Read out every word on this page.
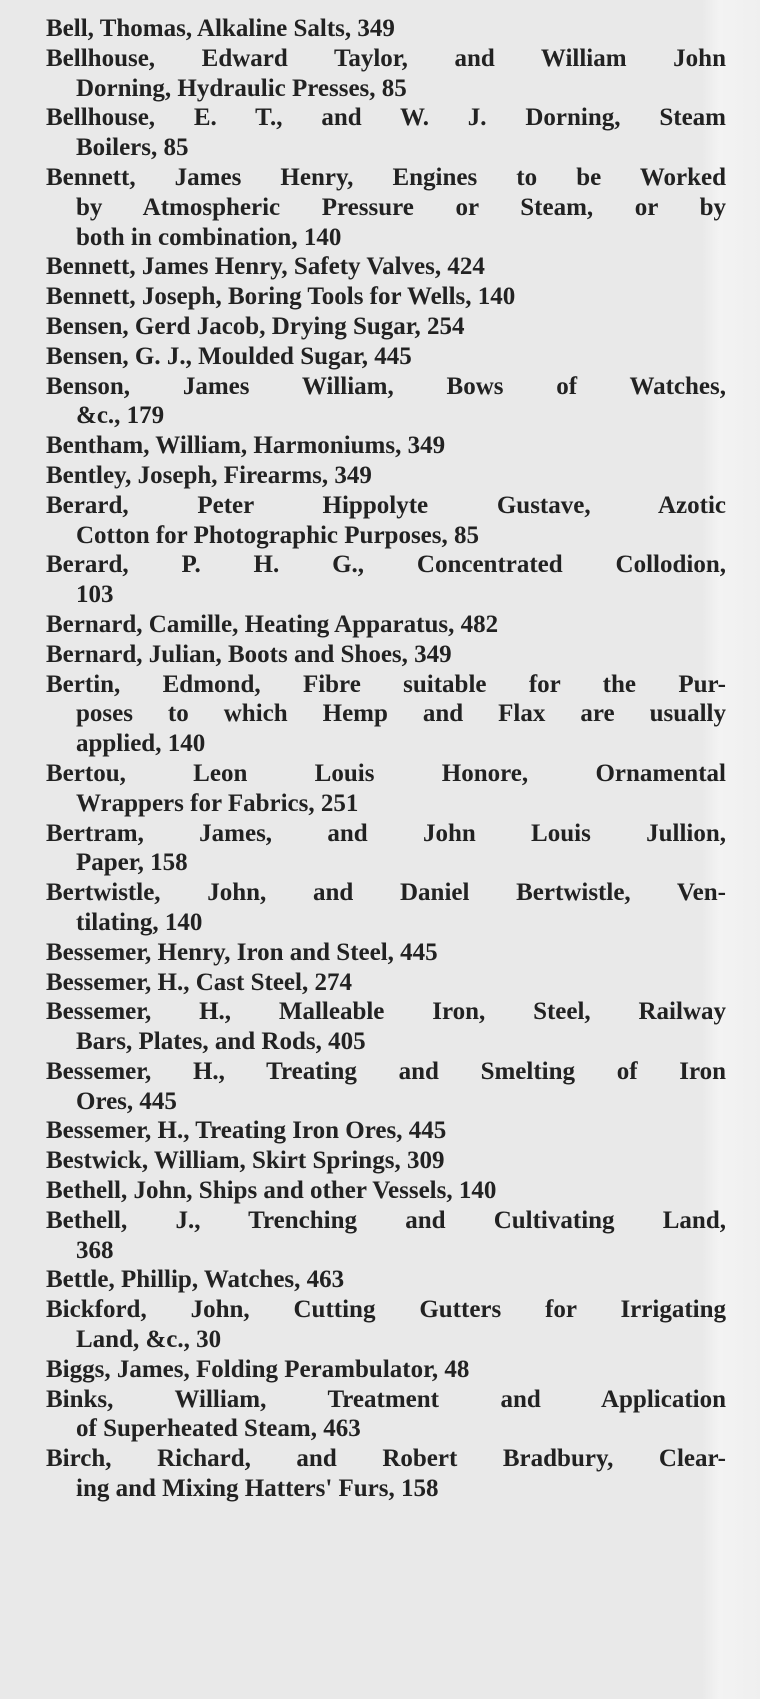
Bell, Thomas, Alkaline Salts, 349
Bellhouse, Edward Taylor, and William John
Dorning, Hydraulic Presses, 85
Bellhouse, E. T., and W. J. Dorning, Steam
Boilers, 85
Bennett, James Henry, Engines to be Worked
by Atmospheric Pressure or Steam, or by
both in combination, 140
Bennett, James Henry, Safety Valves, 424
Bennett, Joseph, Boring Tools for Wells, 140
Bensen, Gerd Jacob, Drying Sugar, 254
Bensen, G. J., Moulded Sugar, 445
Benson, James William, Bows of Watches,
&c., 179
Bentham, William, Harmoniums, 349
Bentley, Joseph, Firearms, 349
Berard, Peter Hippolyte Gustave, Azotic
Cotton for Photographic Purposes, 85
Berard, P. H. G., Concentrated Collodion,
103
Bernard, Camille, Heating Apparatus, 482
Bernard, Julian, Boots and Shoes, 349
Bertin, Edmond, Fibre suitable for the Pur-
poses to which Hemp and Flax are usually
applied, 140
Bertou, Leon Louis Honore, Ornamental
Wrappers for Fabrics, 251
Bertram, James, and John Louis Jullion,
Paper, 158
Bertwistle, John, and Daniel Bertwistle, Ven-
tilating, 140
Bessemer, Henry, Iron and Steel, 445
Bessemer, H., Cast Steel, 274
Bessemer, H., Malleable Iron, Steel, Railway
Bars, Plates, and Rods, 405
Bessemer, H., Treating and Smelting of Iron
Ores, 445
Bessemer, H., Treating Iron Ores, 445
Bestwick, William, Skirt Springs, 309
Bethell, John, Ships and other Vessels, 140
Bethell, J., Trenching and Cultivating Land,
368
Bettle, Phillip, Watches, 463
Bickford, John, Cutting Gutters for Irrigating
Land, &c., 30
Biggs, James, Folding Perambulator, 48
Binks, William, Treatment and Application
of Superheated Steam, 463
Birch, Richard, and Robert Bradbury, Clear-
ing and Mixing Hatters' Furs, 158
